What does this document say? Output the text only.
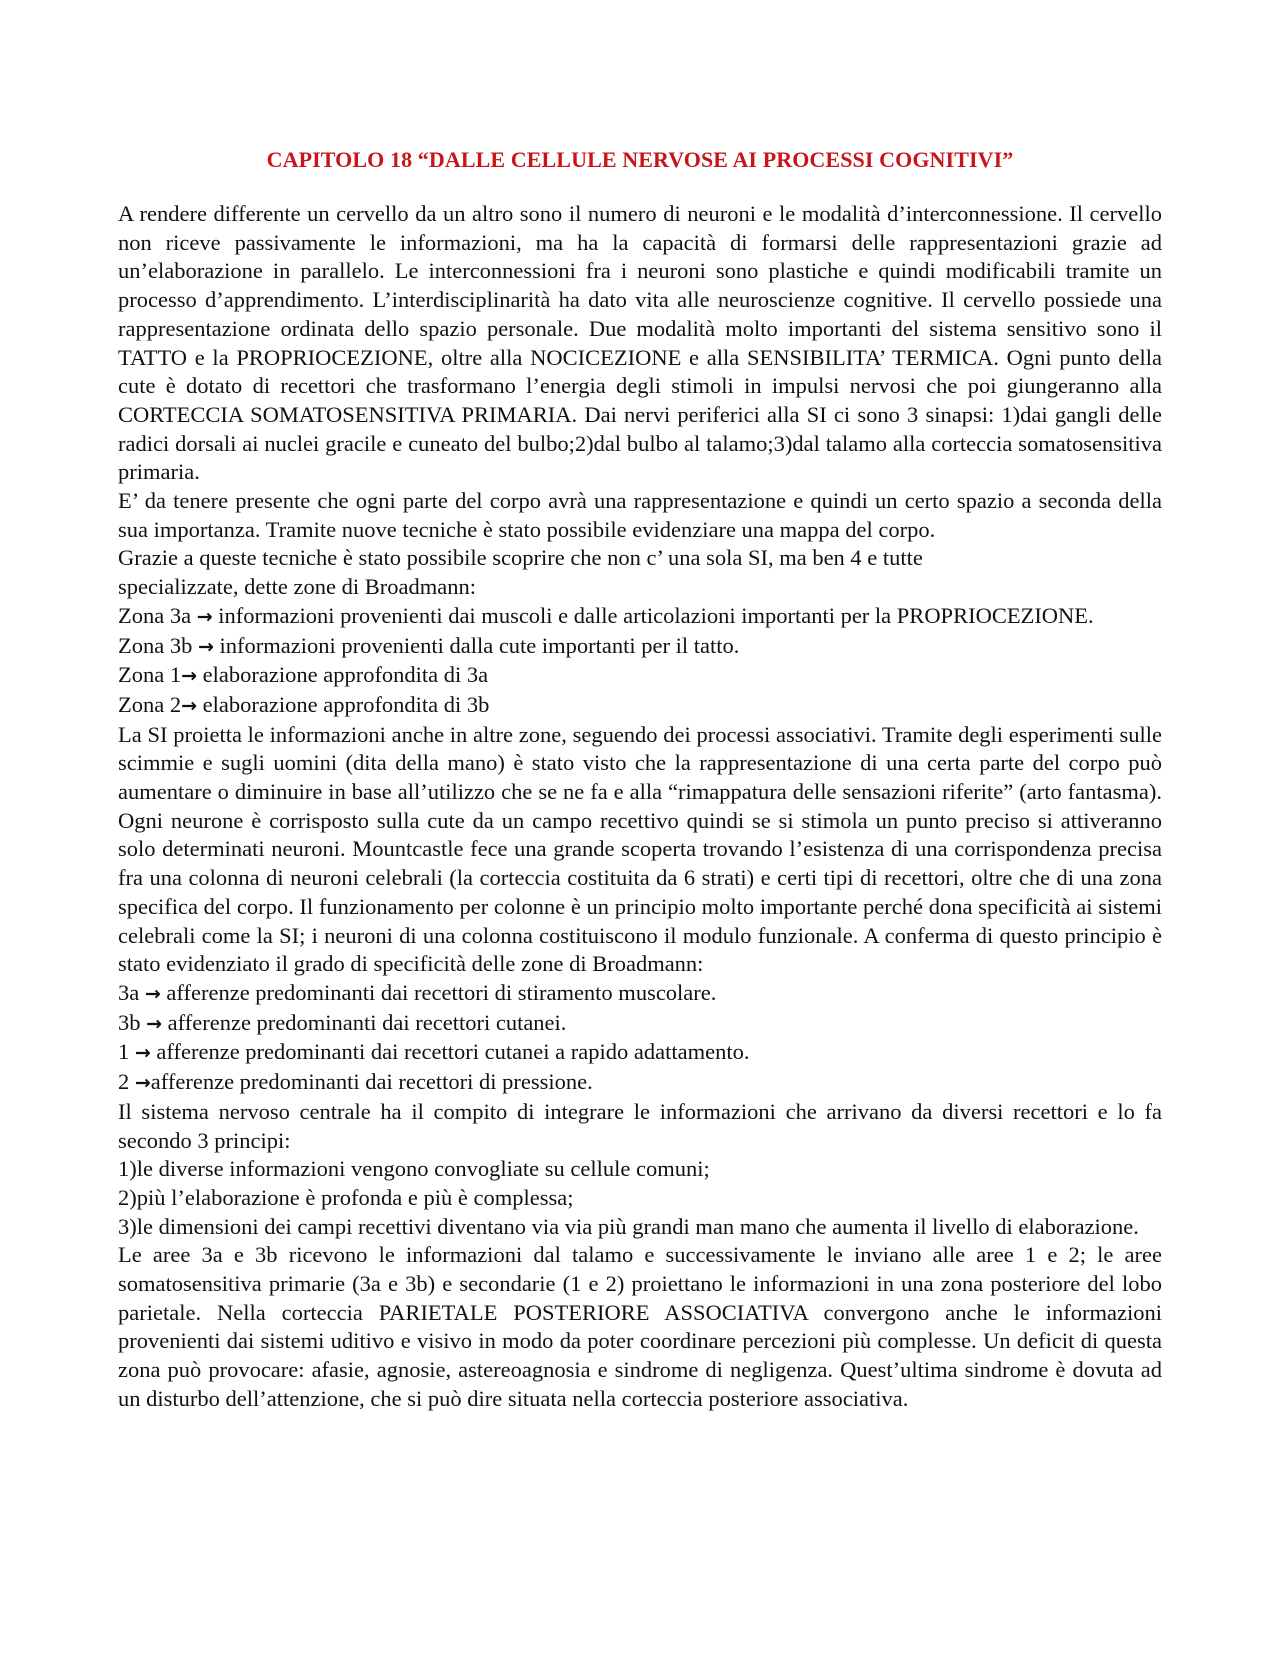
CAPITOLO 18 “DALLE CELLULE NERVOSE AI PROCESSI COGNITIVI”

A rendere differente un cervello da un altro sono il numero di neuroni e le modalità d’interconnessione. Il cervello non riceve passivamente le informazioni, ma ha la capacità di formarsi delle rappresentazioni grazie ad un’elaborazione in parallelo. Le interconnessioni fra i neuroni sono plastiche e quindi modificabili tramite un processo d’apprendimento. L’interdisciplinarità ha dato vita alle neuroscienze cognitive. Il cervello possiede una rappresentazione ordinata dello spazio personale. Due modalità molto importanti del sistema sensitivo sono il TATTO e la PROPRIOCEZIONE, oltre alla NOCICEZIONE e alla SENSIBILITA’ TERMICA. Ogni punto della cute è dotato di recettori che trasformano l’energia degli stimoli in impulsi nervosi che poi giungeranno alla CORTECCIA SOMATOSENSITIVA PRIMARIA. Dai nervi periferici alla SI ci sono 3 sinapsi: 1)dai gangli delle radici dorsali ai nuclei gracile e cuneato del bulbo;2)dal bulbo al talamo;3)dal talamo alla corteccia somatosensitiva primaria.

E’ da tenere presente che ogni parte del corpo avrà una rappresentazione e quindi un certo spazio a seconda della sua importanza. Tramite nuove tecniche è stato possibile evidenziare una mappa del corpo.

Grazie a queste tecniche è stato possibile scoprire che non c’ una sola SI, ma ben 4 e tutte

specializzate, dette zone di Broadmann:

Zona 3a → informazioni provenienti dai muscoli e dalle articolazioni importanti per la PROPRIOCEZIONE.

Zona 3b → informazioni provenienti dalla cute importanti per il tatto.

Zona 1→ elaborazione approfondita di 3a

Zona 2→ elaborazione approfondita di 3b

La SI proietta le informazioni anche in altre zone, seguendo dei processi associativi. Tramite degli esperimenti sulle scimmie e sugli uomini (dita della mano) è stato visto che la rappresentazione di una certa parte del corpo può aumentare o diminuire in base all’utilizzo che se ne fa e alla “rimappatura delle sensazioni riferite” (arto fantasma). Ogni neurone è corrisposto sulla cute da un campo recettivo quindi se si stimola un punto preciso si attiveranno solo determinati neuroni. Mountcastle fece una grande scoperta trovando l’esistenza di una corrispondenza precisa fra una colonna di neuroni celebrali (la corteccia costituita da 6 strati) e certi tipi di recettori, oltre che di una zona specifica del corpo. Il funzionamento per colonne è un principio molto importante perché dona specificità ai sistemi celebrali come la SI; i neuroni di una colonna costituiscono il modulo funzionale. A conferma di questo principio è stato evidenziato il grado di specificità delle zone di Broadmann:

3a → afferenze predominanti dai recettori di stiramento muscolare.

3b → afferenze predominanti dai recettori cutanei.

1 → afferenze predominanti dai recettori cutanei a rapido adattamento.

2 →afferenze predominanti dai recettori di pressione.

Il sistema nervoso centrale ha il compito di integrare le informazioni che arrivano da diversi recettori e lo fa secondo 3 principi:

1)le diverse informazioni vengono convogliate su cellule comuni;

2)più l’elaborazione è profonda e più è complessa;

3)le dimensioni dei campi recettivi diventano via via più grandi man mano che aumenta il livello di elaborazione.

Le aree 3a e 3b ricevono le informazioni dal talamo e successivamente le inviano alle aree 1 e 2; le aree somatosensitiva primarie (3a e 3b) e secondarie (1 e 2) proiettano le informazioni in una zona posteriore del lobo parietale. Nella corteccia PARIETALE POSTERIORE ASSOCIATIVA convergono anche le informazioni provenienti dai sistemi uditivo e visivo in modo da poter coordinare percezioni più complesse. Un deficit di questa zona può provocare: afasie, agnosie, astereoagnosia e sindrome di negligenza. Quest’ultima sindrome è dovuta ad un disturbo dell’attenzione, che si può dire situata nella corteccia posteriore associativa.
